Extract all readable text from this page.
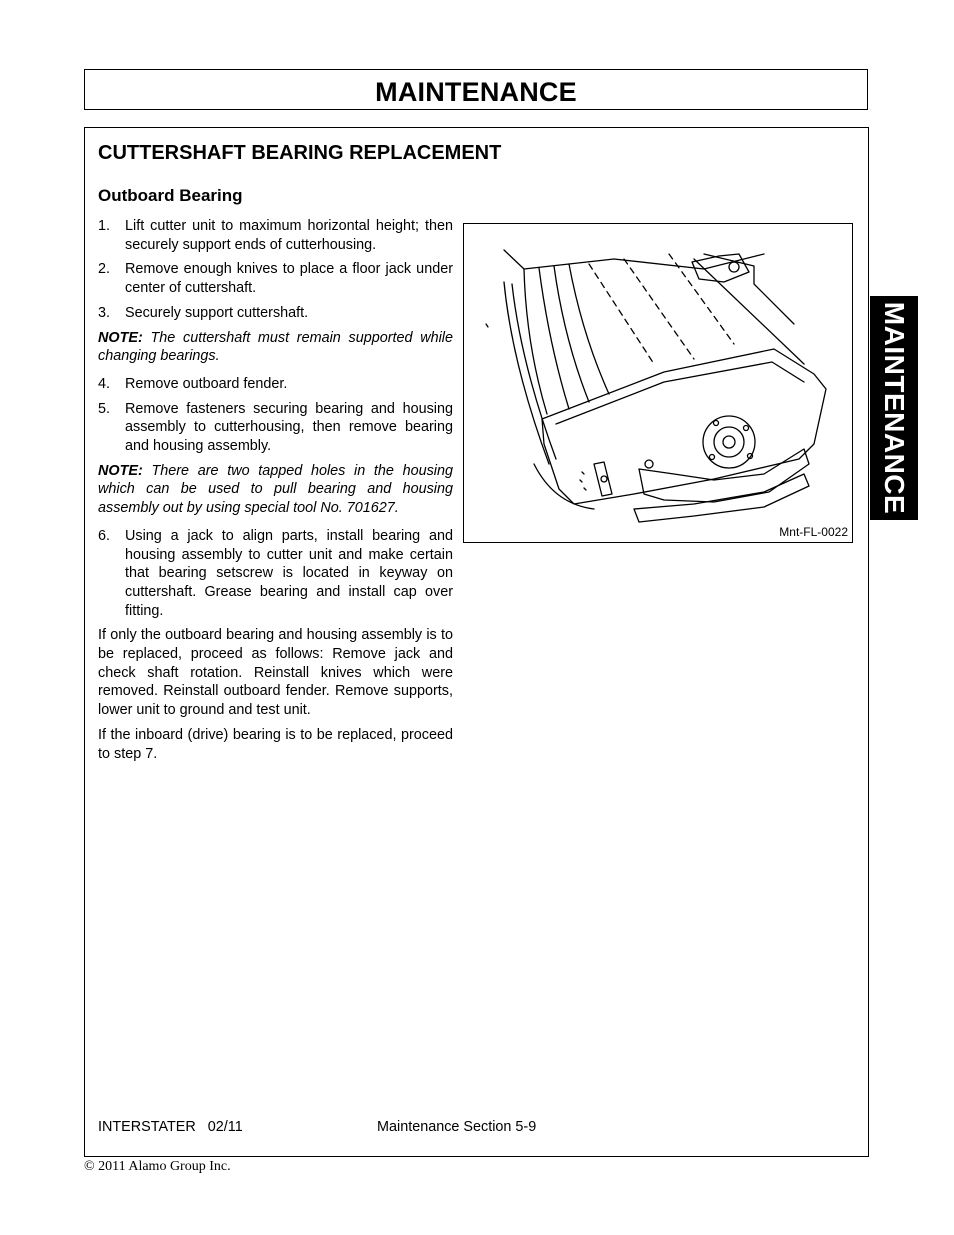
MAINTENANCE
MAINTENANCE
CUTTERSHAFT BEARING REPLACEMENT
Outboard Bearing
1. Lift cutter unit to maximum horizontal height; then securely support ends of cutterhousing.
2. Remove enough knives to place a floor jack under center of cuttershaft.
3. Securely support cuttershaft.
NOTE: The cuttershaft must remain supported while changing bearings.
4. Remove outboard fender.
5. Remove fasteners securing bearing and housing assembly to cutterhousing, then remove bearing and housing assembly.
NOTE: There are two tapped holes in the housing which can be used to pull bearing and housing assembly out by using special tool No. 701627.
6. Using a jack to align parts, install bearing and housing assembly to cutter unit and make certain that bearing setscrew is located in keyway on cuttershaft. Grease bearing and install cap over fitting.
If only the outboard bearing and housing assembly is to be replaced, proceed as follows: Remove jack and check shaft rotation. Reinstall knives which were removed. Reinstall outboard fender. Remove supports, lower unit to ground and test unit.
If the inboard (drive) bearing is to be replaced, proceed to step 7.
Mnt-FL-0022
INTERSTATER   02/11	Maintenance Section 5-9
© 2011 Alamo Group Inc.
